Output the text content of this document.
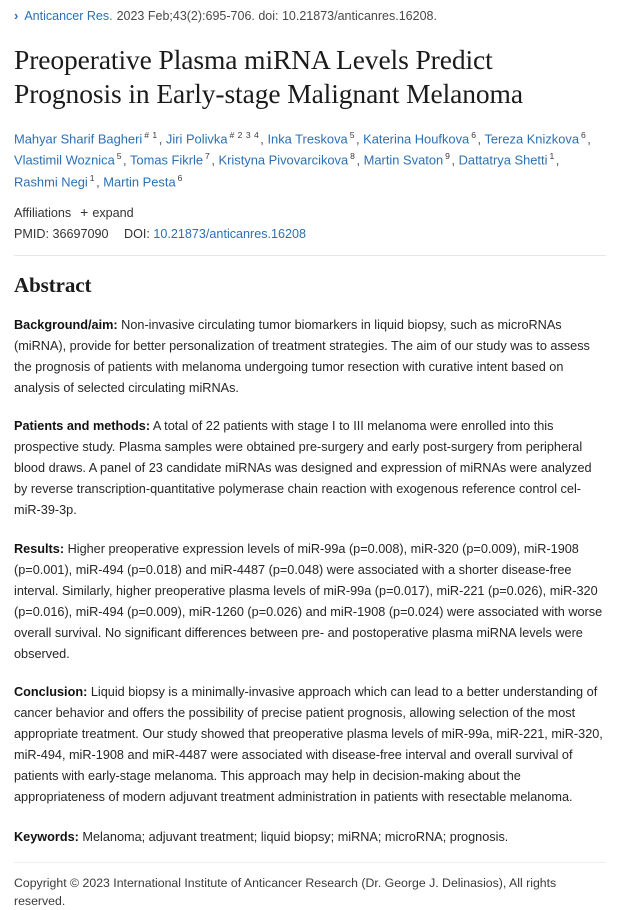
› Anticancer Res. 2023 Feb;43(2):695-706. doi: 10.21873/anticanres.16208.
Preoperative Plasma miRNA Levels Predict Prognosis in Early-stage Malignant Melanoma
Mahyar Sharif Bagheri $^{\# 1}$, Jiri Polivka $^{\# 2 3 4}$, Inka Treskova $^5$, Katerina Houfkova $^6$, Tereza Knizkova $^6$, Vlastimil Woznica $^5$, Tomas Fikrle $^7$, Kristyna Pivovarcikova $^8$, Martin Svaton $^9$, Dattatrya Shetti $^1$, Rashmi Negi $^1$, Martin Pesta $^6$
Affiliations + expand
PMID: 36697090 DOI: 10.21873/anticanres.16208
Abstract

Background/aim: Non-invasive circulating tumor biomarkers in liquid biopsy, such as microRNAs (miRNA), provide for better personalization of treatment strategies. The aim of our study was to assess the prognosis of patients with melanoma undergoing tumor resection with curative intent based on analysis of selected circulating miRNAs.

Patients and methods: A total of 22 patients with stage I to III melanoma were enrolled into this prospective study. Plasma samples were obtained pre-surgery and early post-surgery from peripheral blood draws. A panel of 23 candidate miRNAs was designed and expression of miRNAs were analyzed by reverse transcription-quantitative polymerase chain reaction with exogenous reference control cel-miR-39-3p.

Results: Higher preoperative expression levels of miR-99a (p=0.008), miR-320 (p=0.009), miR-1908 (p=0.001), miR-494 (p=0.018) and miR-4487 (p=0.048) were associated with a shorter disease-free interval. Similarly, higher preoperative plasma levels of miR-99a (p=0.017), miR-221 (p=0.026), miR-320 (p=0.016), miR-494 (p=0.009), miR-1260 (p=0.026) and miR-1908 (p=0.024) were associated with worse overall survival. No significant differences between pre- and postoperative plasma miRNA levels were observed.

Conclusion: Liquid biopsy is a minimally-invasive approach which can lead to a better understanding of cancer behavior and offers the possibility of precise patient prognosis, allowing selection of the most appropriate treatment. Our study showed that preoperative plasma levels of miR-99a, miR-221, miR-320, miR-494, miR-1908 and miR-4487 were associated with disease-free interval and overall survival of patients with early-stage melanoma. This approach may help in decision-making about the appropriateness of modern adjuvant treatment administration in patients with resectable melanoma.

Keywords: Melanoma; adjuvant treatment; liquid biopsy; miRNA; microRNA; prognosis.

Copyright © 2023 International Institute of Anticancer Research (Dr. George J. Delinasios), All rights reserved.
